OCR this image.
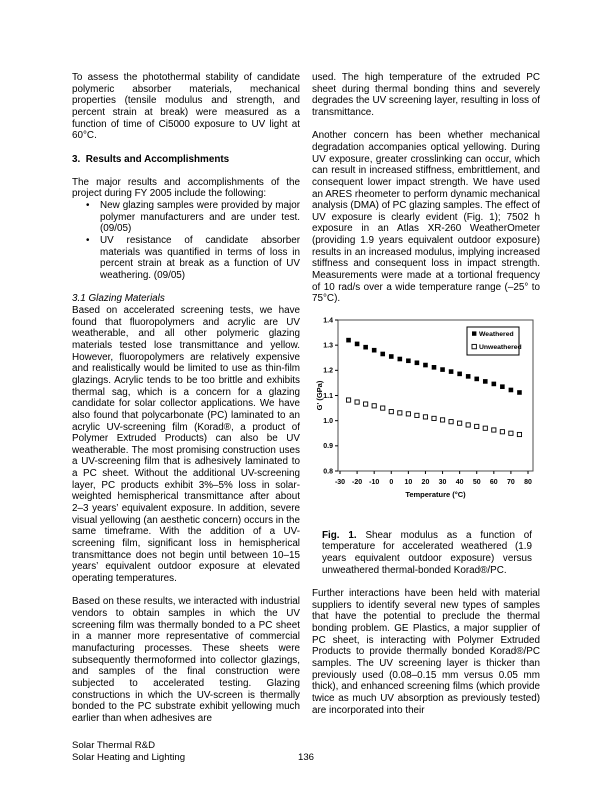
To assess the photothermal stability of candidate polymeric absorber materials, mechanical properties (tensile modulus and strength, and percent strain at break) were measured as a function of time of Ci5000 exposure to UV light at 60°C.

3.  Results and Accomplishments

The major results and accomplishments of the project during FY 2005 include the following:

•	New glazing samples were provided by major polymer manufacturers and are under test. (09/05)
•	UV resistance of candidate absorber materials was quantified in terms of loss in percent strain at break as a function of UV weathering. (09/05)

3.1 Glazing Materials

Based on accelerated screening tests, we have found that fluoropolymers and acrylic are UV weatherable, and all other polymeric glazing materials tested lose transmittance and yellow. However, fluoropolymers are relatively expensive and realistically would be limited to use as thin-film glazings. Acrylic tends to be too brittle and exhibits thermal sag, which is a concern for a glazing candidate for solar collector applications. We have also found that polycarbonate (PC) laminated to an acrylic UV-screening film (Korad®, a product of Polymer Extruded Products) can also be UV weatherable. The most promising construction uses a UV-screening film that is adhesively laminated to a PC sheet. Without the additional UV-screening layer, PC products exhibit 3%–5% loss in solar-weighted hemispherical transmittance after about 2–3 years’ equivalent exposure. In addition, severe visual yellowing (an aesthetic concern) occurs in the same timeframe. With the addition of a UV-screening film, significant loss in hemispherical transmittance does not begin until between 10–15 years’ equivalent outdoor exposure at elevated operating temperatures.

Based on these results, we interacted with industrial vendors to obtain samples in which the UV screening film was thermally bonded to a PC sheet in a manner more representative of commercial manufacturing processes. These sheets were subsequently thermoformed into collector glazings, and samples of the final construction were subjected to accelerated testing. Glazing constructions in which the UV-screen is thermally bonded to the PC substrate exhibit yellowing much earlier than when adhesives are

used. The high temperature of the extruded PC sheet during thermal bonding thins and severely degrades the UV screening layer, resulting in loss of transmittance.

Another concern has been whether mechanical degradation accompanies optical yellowing. During UV exposure, greater crosslinking can occur, which can result in increased stiffness, embrittlement, and consequent lower impact strength. We have used an ARES rheometer to perform dynamic mechanical analysis (DMA) of PC glazing samples. The effect of UV exposure is clearly evident (Fig. 1); 7502 h exposure in an Atlas XR-260 WeatherOmeter (providing 1.9 years equivalent outdoor exposure) results in an increased modulus, implying increased stiffness and consequent loss in impact strength. Measurements were made at a tortional frequency of 10 rad/s over a wide temperature range (–25° to 75°C).

0.8
0.9
1.0
1.1
1.2
1.3
1.4
-30 -20 -10 0 10 20 30 40 50 60 70 80
Weathered
Unweathered
Temperature (°C)
G' (GPa)

Fig. 1. Shear modulus as a function of temperature for accelerated weathered (1.9 years equivalent outdoor exposure) versus unweathered thermal-bonded Korad®/PC.

Further interactions have been held with material suppliers to identify several new types of samples that have the potential to preclude the thermal bonding problem. GE Plastics, a major supplier of PC sheet, is interacting with Polymer Extruded Products to provide thermally bonded Korad®/PC samples. The UV screening layer is thicker than previously used (0.08–0.15 mm versus 0.05 mm thick), and enhanced screening films (which provide twice as much UV absorption as previously tested) are incorporated into their

Solar Thermal R&D
Solar Heating and Lighting	136
